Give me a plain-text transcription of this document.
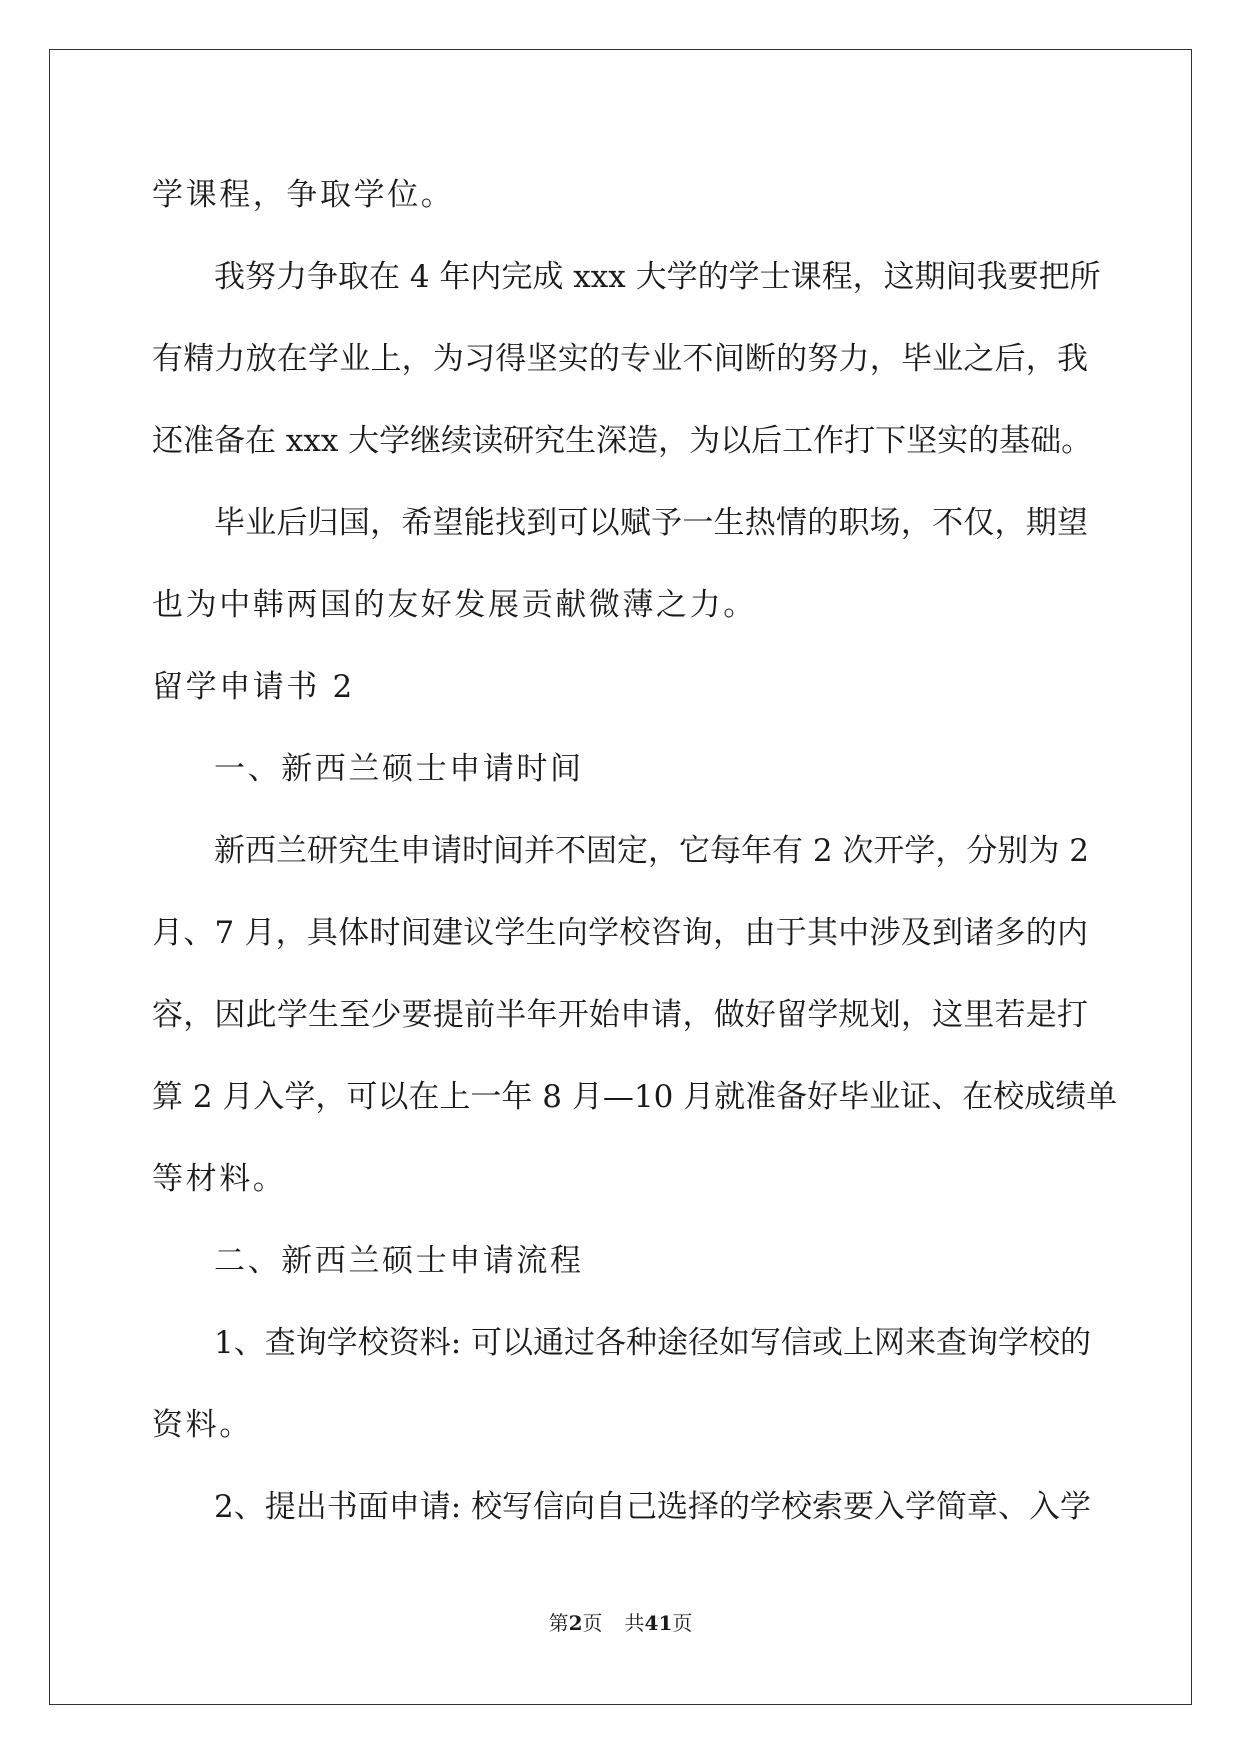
学课程，争取学位。
我努力争取在 4 年内完成 xxx 大学的学士课程，这期间我要把所
有精力放在学业上，为习得坚实的专业不间断的努力，毕业之后，我
还准备在 xxx 大学继续读研究生深造，为以后工作打下坚实的基础。
毕业后归国，希望能找到可以赋予一生热情的职场，不仅，期望
也为中韩两国的友好发展贡献微薄之力。
留学申请书 2
一、新西兰硕士申请时间
新西兰研究生申请时间并不固定，它每年有 2 次开学，分别为 2
月、7 月，具体时间建议学生向学校咨询，由于其中涉及到诸多的内
容，因此学生至少要提前半年开始申请，做好留学规划，这里若是打
算 2 月入学，可以在上一年 8 月—10 月就准备好毕业证、在校成绩单
等材料。
二、新西兰硕士申请流程
1、查询学校资料: 可以通过各种途径如写信或上网来查询学校的
资料。
2、提出书面申请: 校写信向自己选择的学校索要入学简章、入学
第2页 共41页
